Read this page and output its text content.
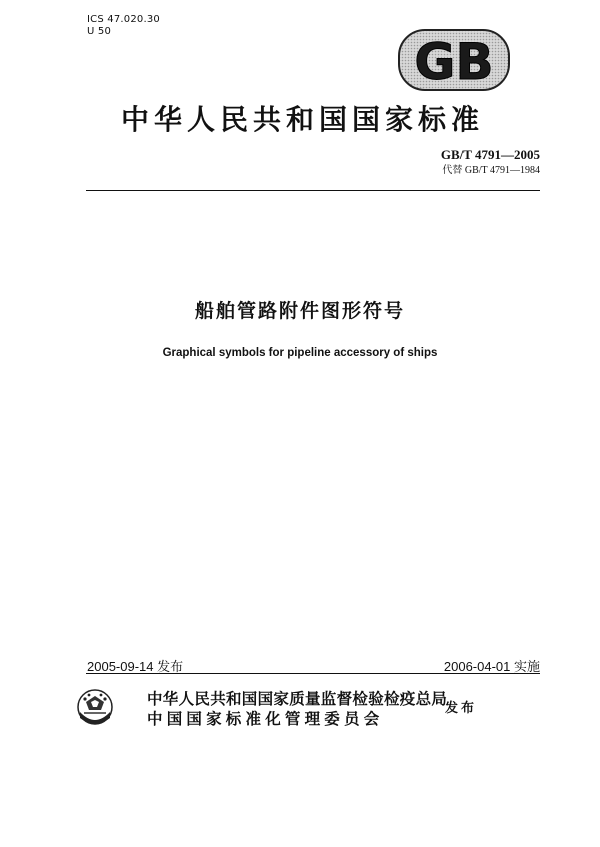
ICS 47.020.30
U 50
GB
中华人民共和国国家标准
GB/T 4791—2005
代替 GB/T 4791—1984
船舶管路附件图形符号
Graphical symbols for pipeline accessory of ships
2005-09-14 发布	2006-04-01 实施
中华人民共和国国家质量监督检验检疫总局
中国国家标准化管理委员会
发布
